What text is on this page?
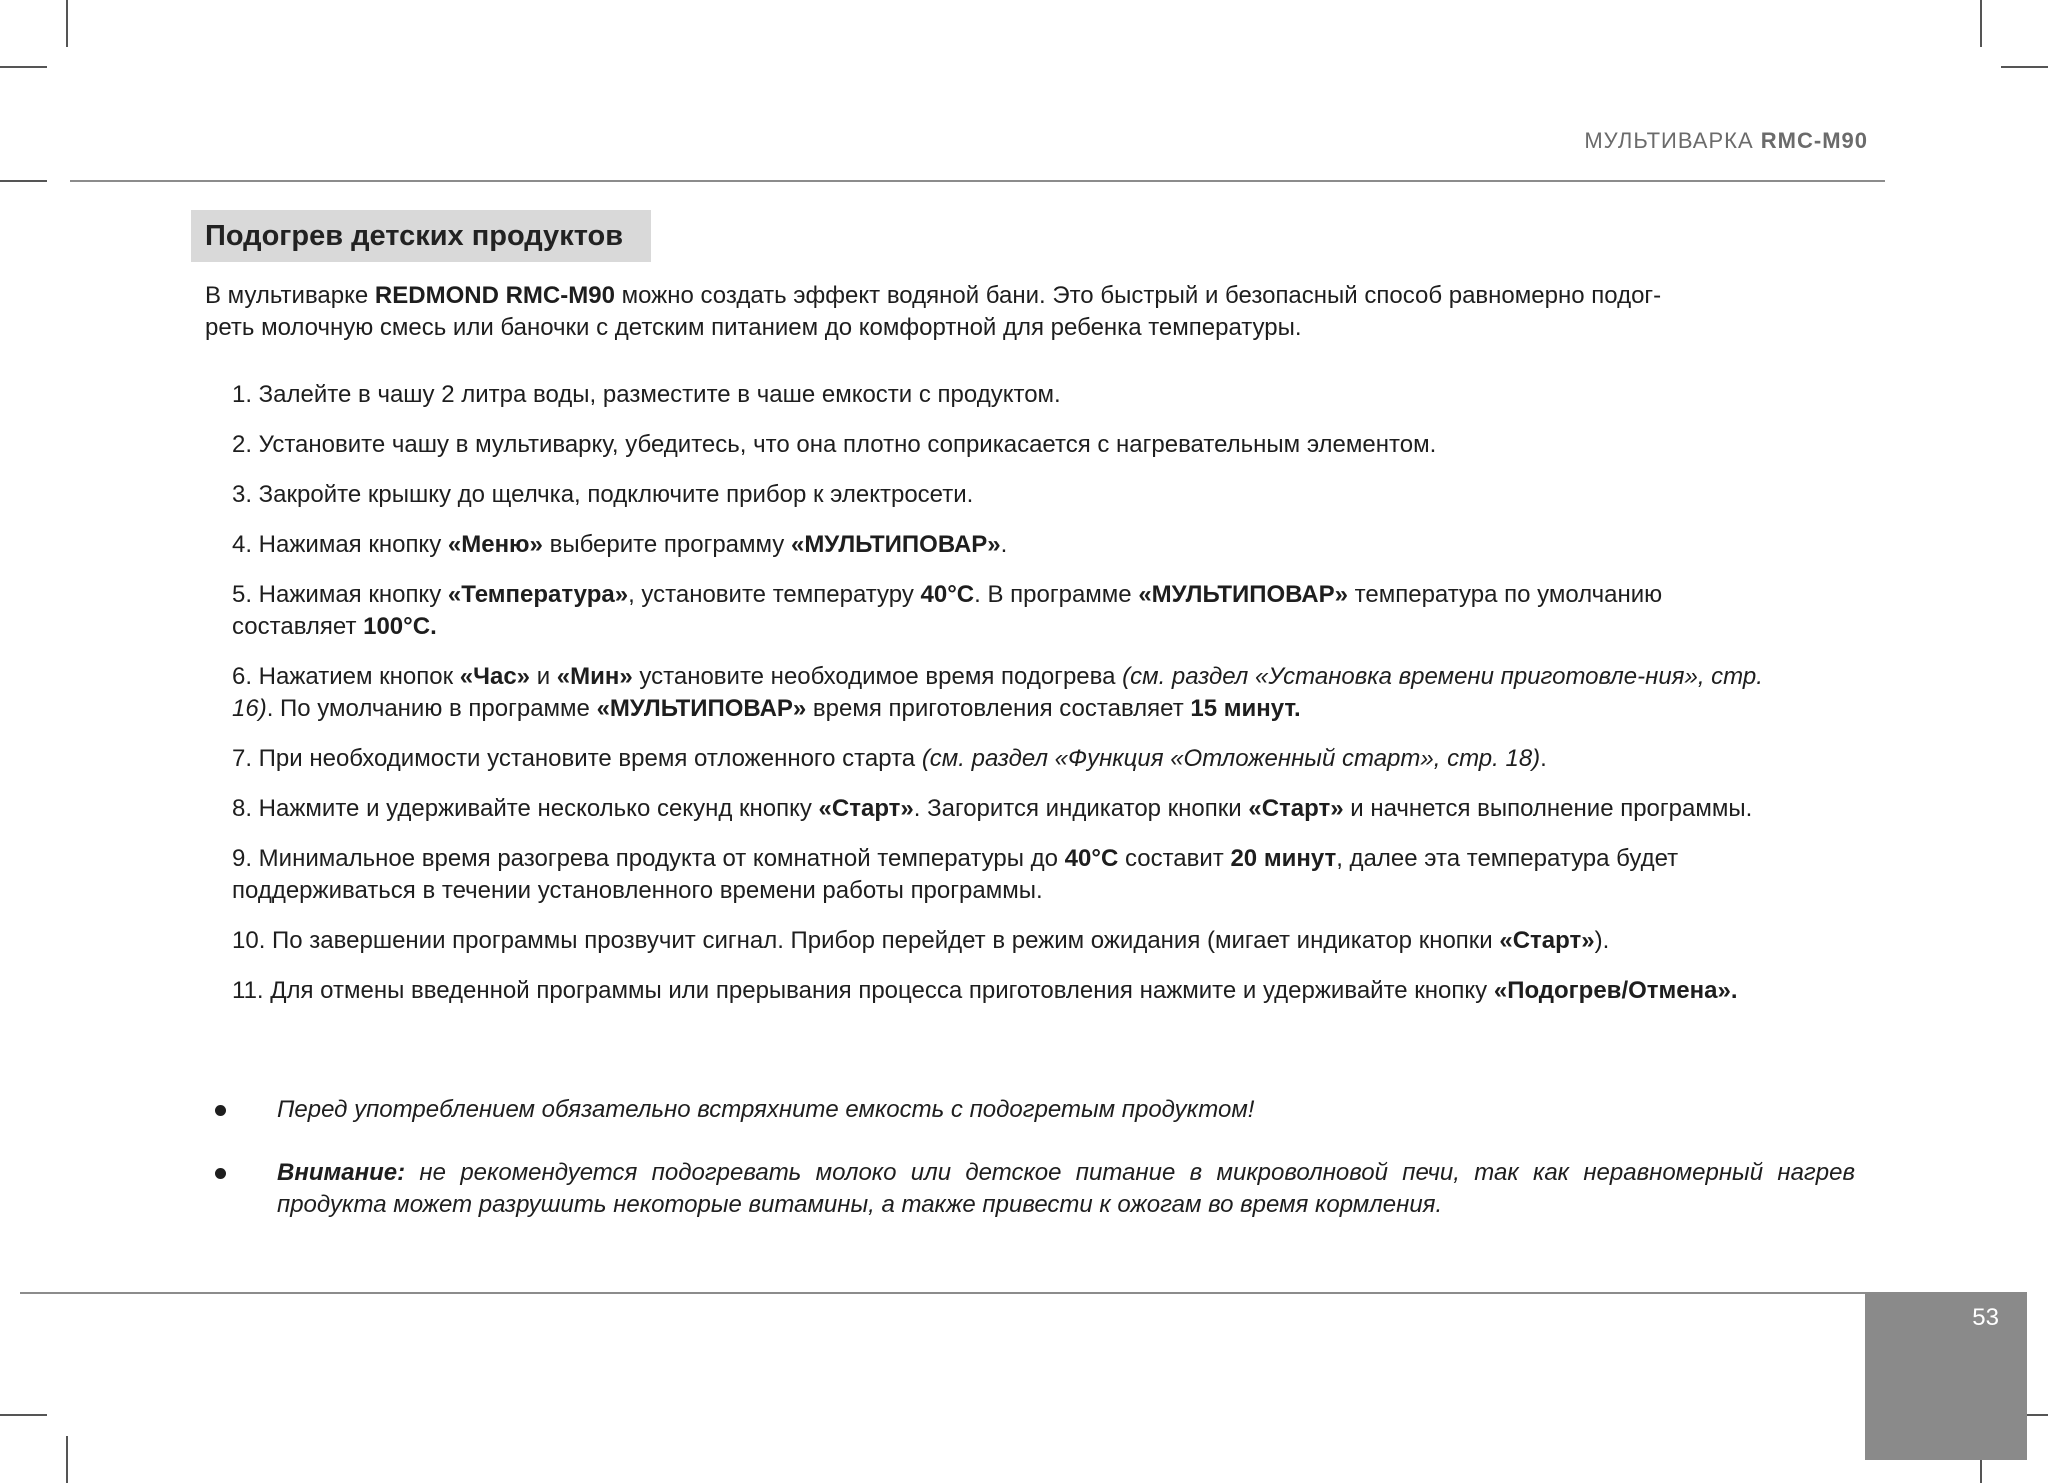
МУЛЬТИВАРКА RMC-M90
Подогрев детских продуктов
В мультиварке REDMOND RMC-M90 можно создать эффект водяной бани. Это быстрый и безопасный способ равномерно подог-
реть молочную смесь или баночки с детским питанием до комфортной для ребенка температуры.
1. Залейте в чашу 2 литра воды, разместите в чаше емкости с продуктом.
2. Установите чашу в мультиварку, убедитесь, что она плотно соприкасается с нагревательным элементом.
3. Закройте крышку до щелчка, подключите прибор к электросети.
4. Нажимая кнопку «Меню» выберите программу «МУЛЬТИПОВАР».
5. Нажимая кнопку «Температура», установите температуру 40°C. В программе «МУЛЬТИПОВАР» температура по умолчанию составляет 100°C.
6. Нажатием кнопок «Час» и «Мин» установите необходимое время подогрева (см. раздел «Установка времени приготовле-ния», стр. 16). По умолчанию в программе «МУЛЬТИПОВАР» время приготовления составляет 15 минут.
7. При необходимости установите время отложенного старта (см. раздел «Функция «Отложенный старт», стр. 18).
8. Нажмите и удерживайте несколько секунд кнопку «Старт». Загорится индикатор кнопки «Старт» и начнется выполнение программы.
9. Минимальное время разогрева продукта от комнатной температуры до 40°C составит 20 минут, далее эта температура будет поддерживаться в течении установленного времени работы программы.
10. По завершении программы прозвучит сигнал. Прибор перейдет в режим ожидания (мигает индикатор кнопки «Старт»).
11. Для отмены введенной программы или прерывания процесса приготовления нажмите и удерживайте кнопку «Подогрев/Отмена».
Перед употреблением обязательно встряхните емкость с подогретым продуктом!
Внимание: не рекомендуется подогревать молоко или детское питание в микроволновой печи, так как неравномерный нагрев продукта может разрушить некоторые витамины, а также привести к ожогам во время кормления.
53
